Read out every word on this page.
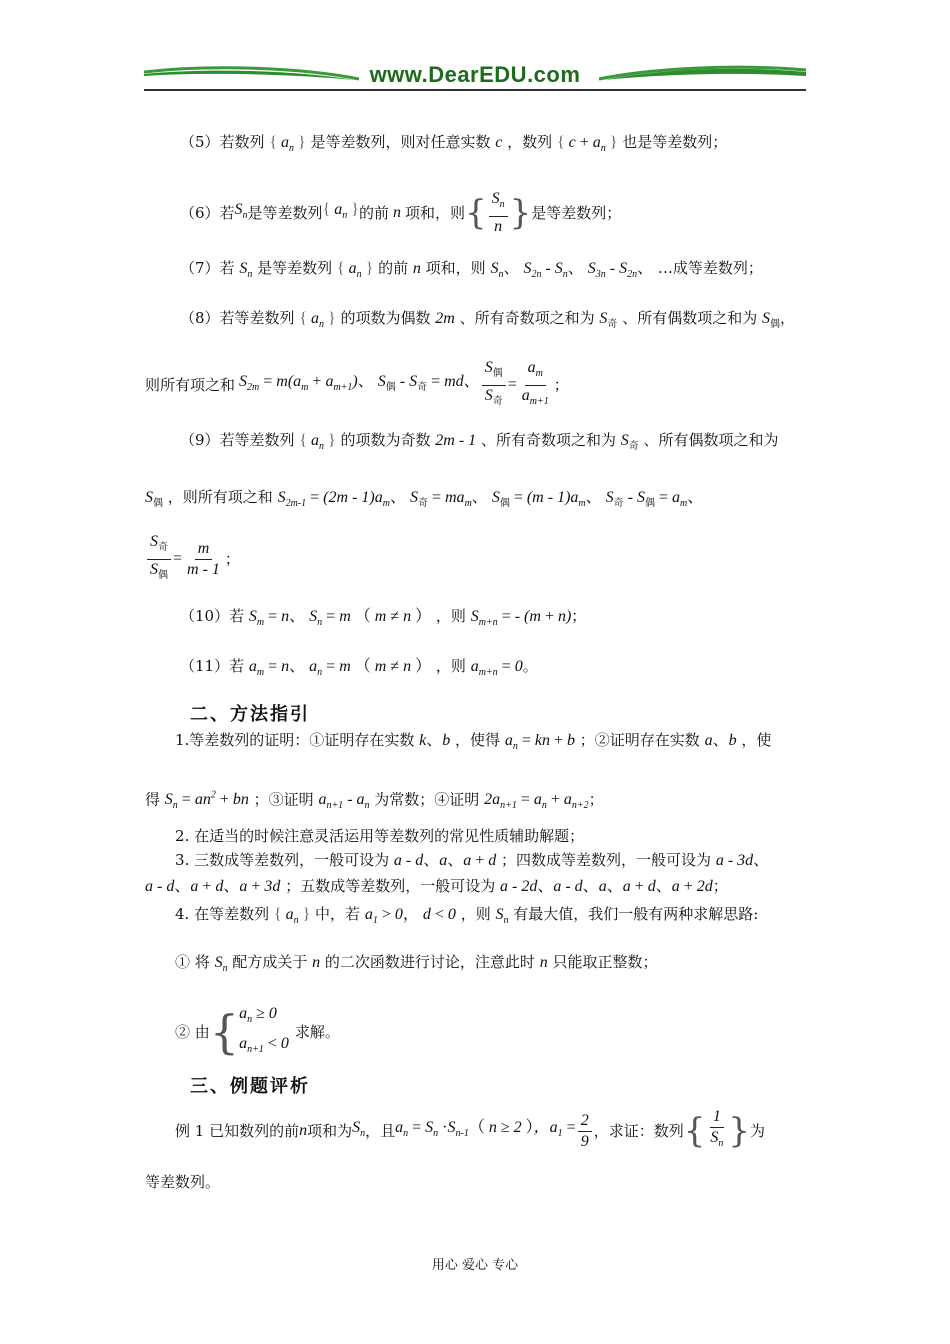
www.DearEDU.com
（5）若数列 { $a_n$ } 是等差数列，则对任意实数 c ，数列 { $c + a_n$ } 也是等差数列；
（6）若 $S_n$ 是等差数列 { $a_n$ } 的前 n 项和，则 { $\frac{S_n}{n}$ } 是等差数列；
（7）若 $S_n$ 是等差数列 { $a_n$ } 的前 n 项和，则 $S_n$、 $S_{2n} - S_n$、 $S_{3n} - S_{2n}$、 …成等差数列；
（8）若等差数列 { $a_n$ } 的项数为偶数 2m 、所有奇数项之和为 $S_奇$ 、所有偶数项之和为 $S_偶$，
则所有项之和 $S_{2m} = m(a_m + a_{m+1})$、 $S_偶 - S_奇$ = md、 $\frac{S_偶}{S_奇} = \frac{a_m}{a_{m+1}}$ ；
（9）若等差数列 { $a_n$ } 的项数为奇数 2m - 1 、所有奇数项之和为 $S_奇$ 、所有偶数项之和为
$S_偶$ ，则所有项之和 $S_{2m-1} = (2m - 1)a_m$、 $S_奇 = ma_m$、 $S_偶 = (m - 1)a_m$、 $S_奇 - S_偶 = a_m$、
$\frac{S_奇}{S_偶} = \frac{m}{m - 1}$ ；
（10）若 $S_m = n$、 $S_n = m$ （ m ≠ n ） ，则 $S_{m+n}$ = - (m + n)；
（11）若 $a_m = n$、 $a_n = m$ （ m ≠ n ） ，则 $a_{m+n} = 0$。
二、方法指引
1.等差数列的证明：①证明存在实数 k、b ，使得 $a_n$ = kn + b ；②证明存在实数 a、b ，使
得 $S_n = an^2$ + bn ；③证明 $a_{n+1} - a_n$ 为常数；④证明 $2a_{n+1} = a_n + a_{n+2}$；
2. 在适当的时候注意灵活运用等差数列的常见性质辅助解题；
3. 三数成等差数列，一般可设为 a - d、a、a + d ；四数成等差数列，一般可设为 a - 3d、
a - d、a + d、a + 3d ；五数成等差数列，一般可设为 a - 2d、a - d、a、a + d、a + 2d；
4. 在等差数列 { $a_n$ } 中，若 $a_1 > 0$， d < 0 ，则 $S_n$ 有最大值，我们一般有两种求解思路:
① 将 $S_n$ 配方成关于 n 的二次函数进行讨论，注意此时 n 只能取正整数；
② 由 { $a_n \ge 0$
$a_{n+1} < 0$
求解。
三、例题评析
例 1 已知数列的前 n 项和为 $S_n$ ，且 $a_n = S_n \cdot S_{n-1}$（ n ≥ 2 ），$a_1 = \frac{2}{9}$ ，求证：数列 { $\frac{1}{S_n}$ } 为
等差数列。
用心 爱心 专心
